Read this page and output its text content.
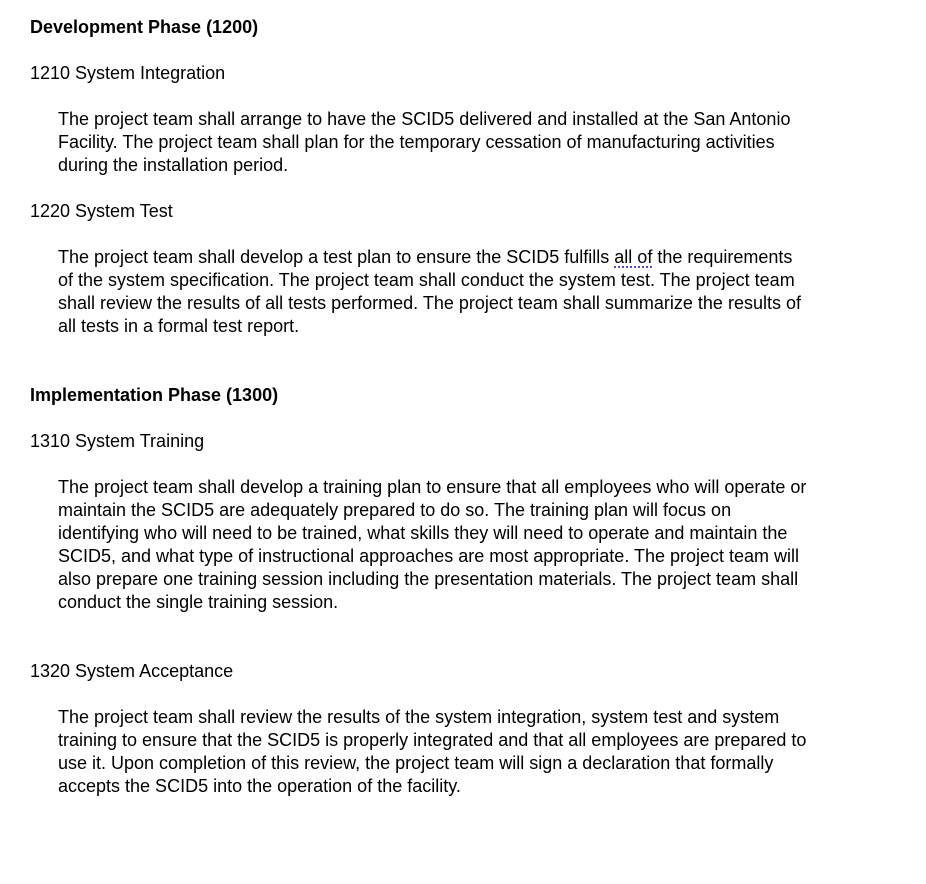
Development Phase (1200)
1210 System Integration
The project team shall arrange to have the SCID5 delivered and installed at the San Antonio
Facility. The project team shall plan for the temporary cessation of manufacturing activities
during the installation period.
1220 System Test
The project team shall develop a test plan to ensure the SCID5 fulfills all of the requirements
of the system specification. The project team shall conduct the system test. The project team
shall review the results of all tests performed. The project team shall summarize the results of
all tests in a formal test report.
Implementation Phase (1300)
1310 System Training
The project team shall develop a training plan to ensure that all employees who will operate or
maintain the SCID5 are adequately prepared to do so. The training plan will focus on
identifying who will need to be trained, what skills they will need to operate and maintain the
SCID5, and what type of instructional approaches are most appropriate. The project team will
also prepare one training session including the presentation materials. The project team shall
conduct the single training session.
1320 System Acceptance
The project team shall review the results of the system integration, system test and system
training to ensure that the SCID5 is properly integrated and that all employees are prepared to
use it. Upon completion of this review, the project team will sign a declaration that formally
accepts the SCID5 into the operation of the facility.
